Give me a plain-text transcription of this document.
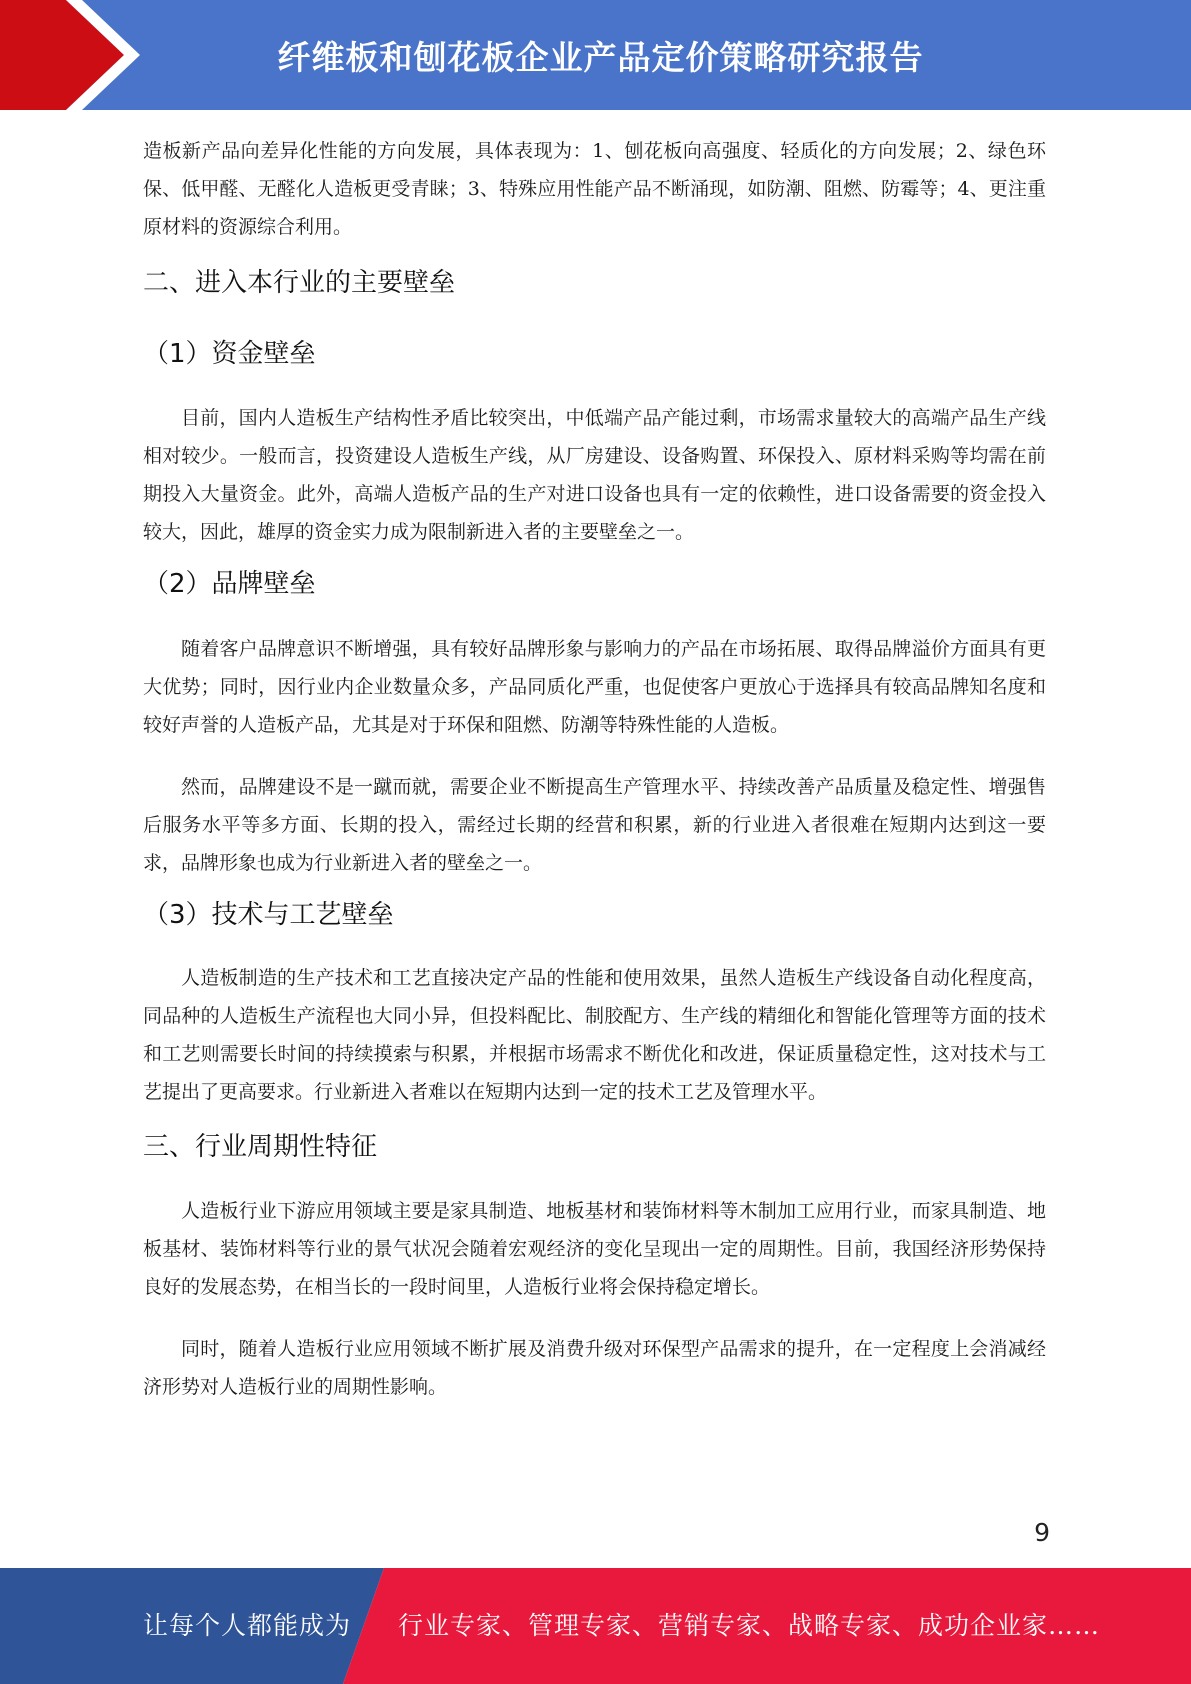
纤维板和刨花板企业产品定价策略研究报告

造板新产品向差异化性能的方向发展，具体表现为：1、刨花板向高强度、轻质化的方向发展；2、绿色环保、低甲醛、无醛化人造板更受青睐；3、特殊应用性能产品不断涌现，如防潮、阻燃、防霉等；4、更注重原材料的资源综合利用。

二、进入本行业的主要壁垒
（1）资金壁垒

目前，国内人造板生产结构性矛盾比较突出，中低端产品产能过剩，市场需求量较大的高端产品生产线相对较少。一般而言，投资建设人造板生产线，从厂房建设、设备购置、环保投入、原材料采购等均需在前期投入大量资金。此外，高端人造板产品的生产对进口设备也具有一定的依赖性，进口设备需要的资金投入较大，因此，雄厚的资金实力成为限制新进入者的主要壁垒之一。

（2）品牌壁垒

随着客户品牌意识不断增强，具有较好品牌形象与影响力的产品在市场拓展、取得品牌溢价方面具有更大优势；同时，因行业内企业数量众多，产品同质化严重，也促使客户更放心于选择具有较高品牌知名度和较好声誉的人造板产品，尤其是对于环保和阻燃、防潮等特殊性能的人造板。

然而，品牌建设不是一蹴而就，需要企业不断提高生产管理水平、持续改善产品质量及稳定性、增强售后服务水平等多方面、长期的投入，需经过长期的经营和积累，新的行业进入者很难在短期内达到这一要求，品牌形象也成为行业新进入者的壁垒之一。

（3）技术与工艺壁垒

人造板制造的生产技术和工艺直接决定产品的性能和使用效果，虽然人造板生产线设备自动化程度高，同品种的人造板生产流程也大同小异，但投料配比、制胶配方、生产线的精细化和智能化管理等方面的技术和工艺则需要长时间的持续摸索与积累，并根据市场需求不断优化和改进，保证质量稳定性，这对技术与工艺提出了更高要求。行业新进入者难以在短期内达到一定的技术工艺及管理水平。

三、行业周期性特征

人造板行业下游应用领域主要是家具制造、地板基材和装饰材料等木制加工应用行业，而家具制造、地板基材、装饰材料等行业的景气状况会随着宏观经济的变化呈现出一定的周期性。目前，我国经济形势保持良好的发展态势，在相当长的一段时间里，人造板行业将会保持稳定增长。

同时，随着人造板行业应用领域不断扩展及消费升级对环保型产品需求的提升，在一定程度上会消减经济形势对人造板行业的周期性影响。

9
让每个人都能成为 行业专家、管理专家、营销专家、战略专家、成功企业家……
